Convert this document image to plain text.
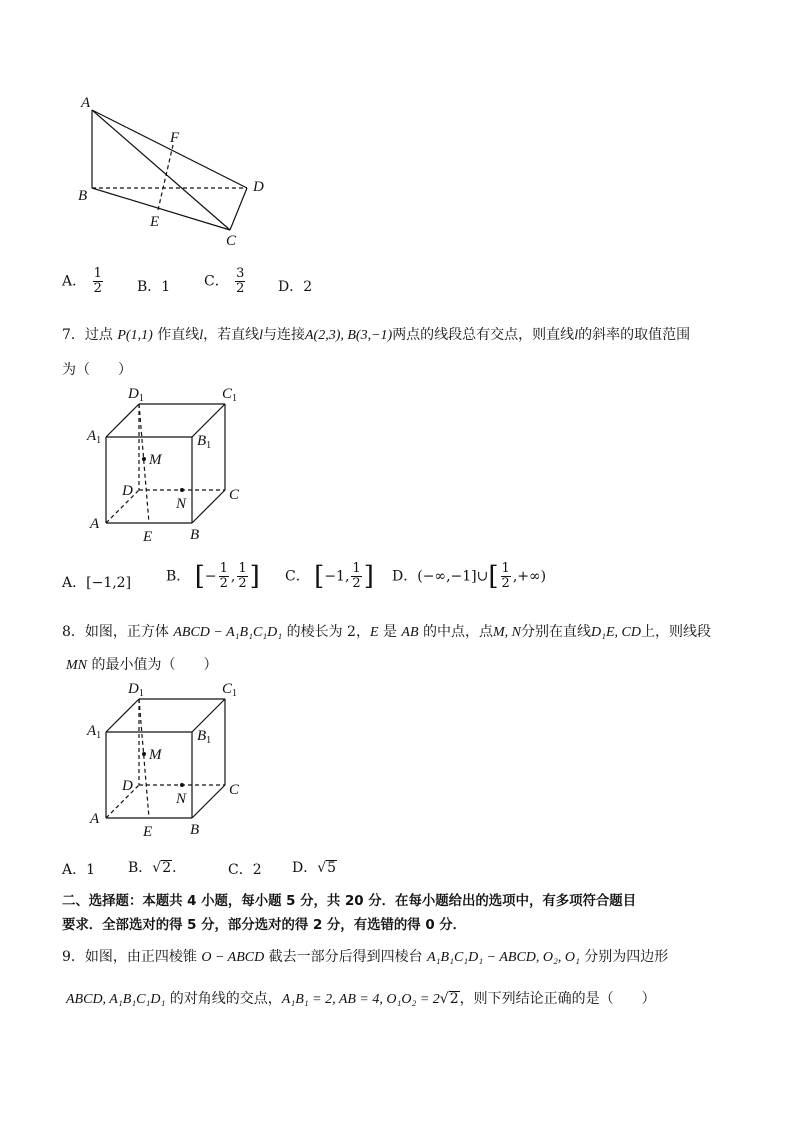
A
F
B
D
E
C
A． $\frac{1}{2}$ B．1 C． $\frac{3}{2}$ D．2
7．过点 P(1,1) 作直线l，若直线l与连接A(2,3), B(3,−1)两点的线段总有交点，则直线l的斜率的取值范围
为（　　）
$D_1$	$C_1$
$A_1$	$B_1$
M
D	C
N
A
E	B
A．[−1,2] B． [− $\frac{1}{2}$ , $\frac{1}{2}$ ] C． [−1, $\frac{1}{2}$ ] D．(−∞,−1]∪[ $\frac{1}{2}$ ,+∞)
8．如图，正方体 ABCD − A₁B₁C₁D₁ 的棱长为 2，E 是 AB 的中点，点M, N分别在直线D₁E, CD上，则线段
MN 的最小值为（　　）
$D_1$	$C_1$
$A_1$	$B_1$
M
D	C
N
A
E	B
A．1 B．√2．	C．2 D．√5
二、选择题：本题共 4 小题，每小题 5 分，共 20 分．在每小题给出的选项中，有多项符合题目
要求．全部选对的得 5 分，部分选对的得 2 分，有选错的得 0 分．
9．如图，由正四棱锥 O − ABCD 截去一部分后得到四棱台 A₁B₁C₁D₁ − ABCD, O₂, O₁ 分别为四边形
ABCD, A₁B₁C₁D₁ 的对角线的交点，A₁B₁ = 2, AB = 4, O₁O₂ = 2√2，则下列结论正确的是（　　）
